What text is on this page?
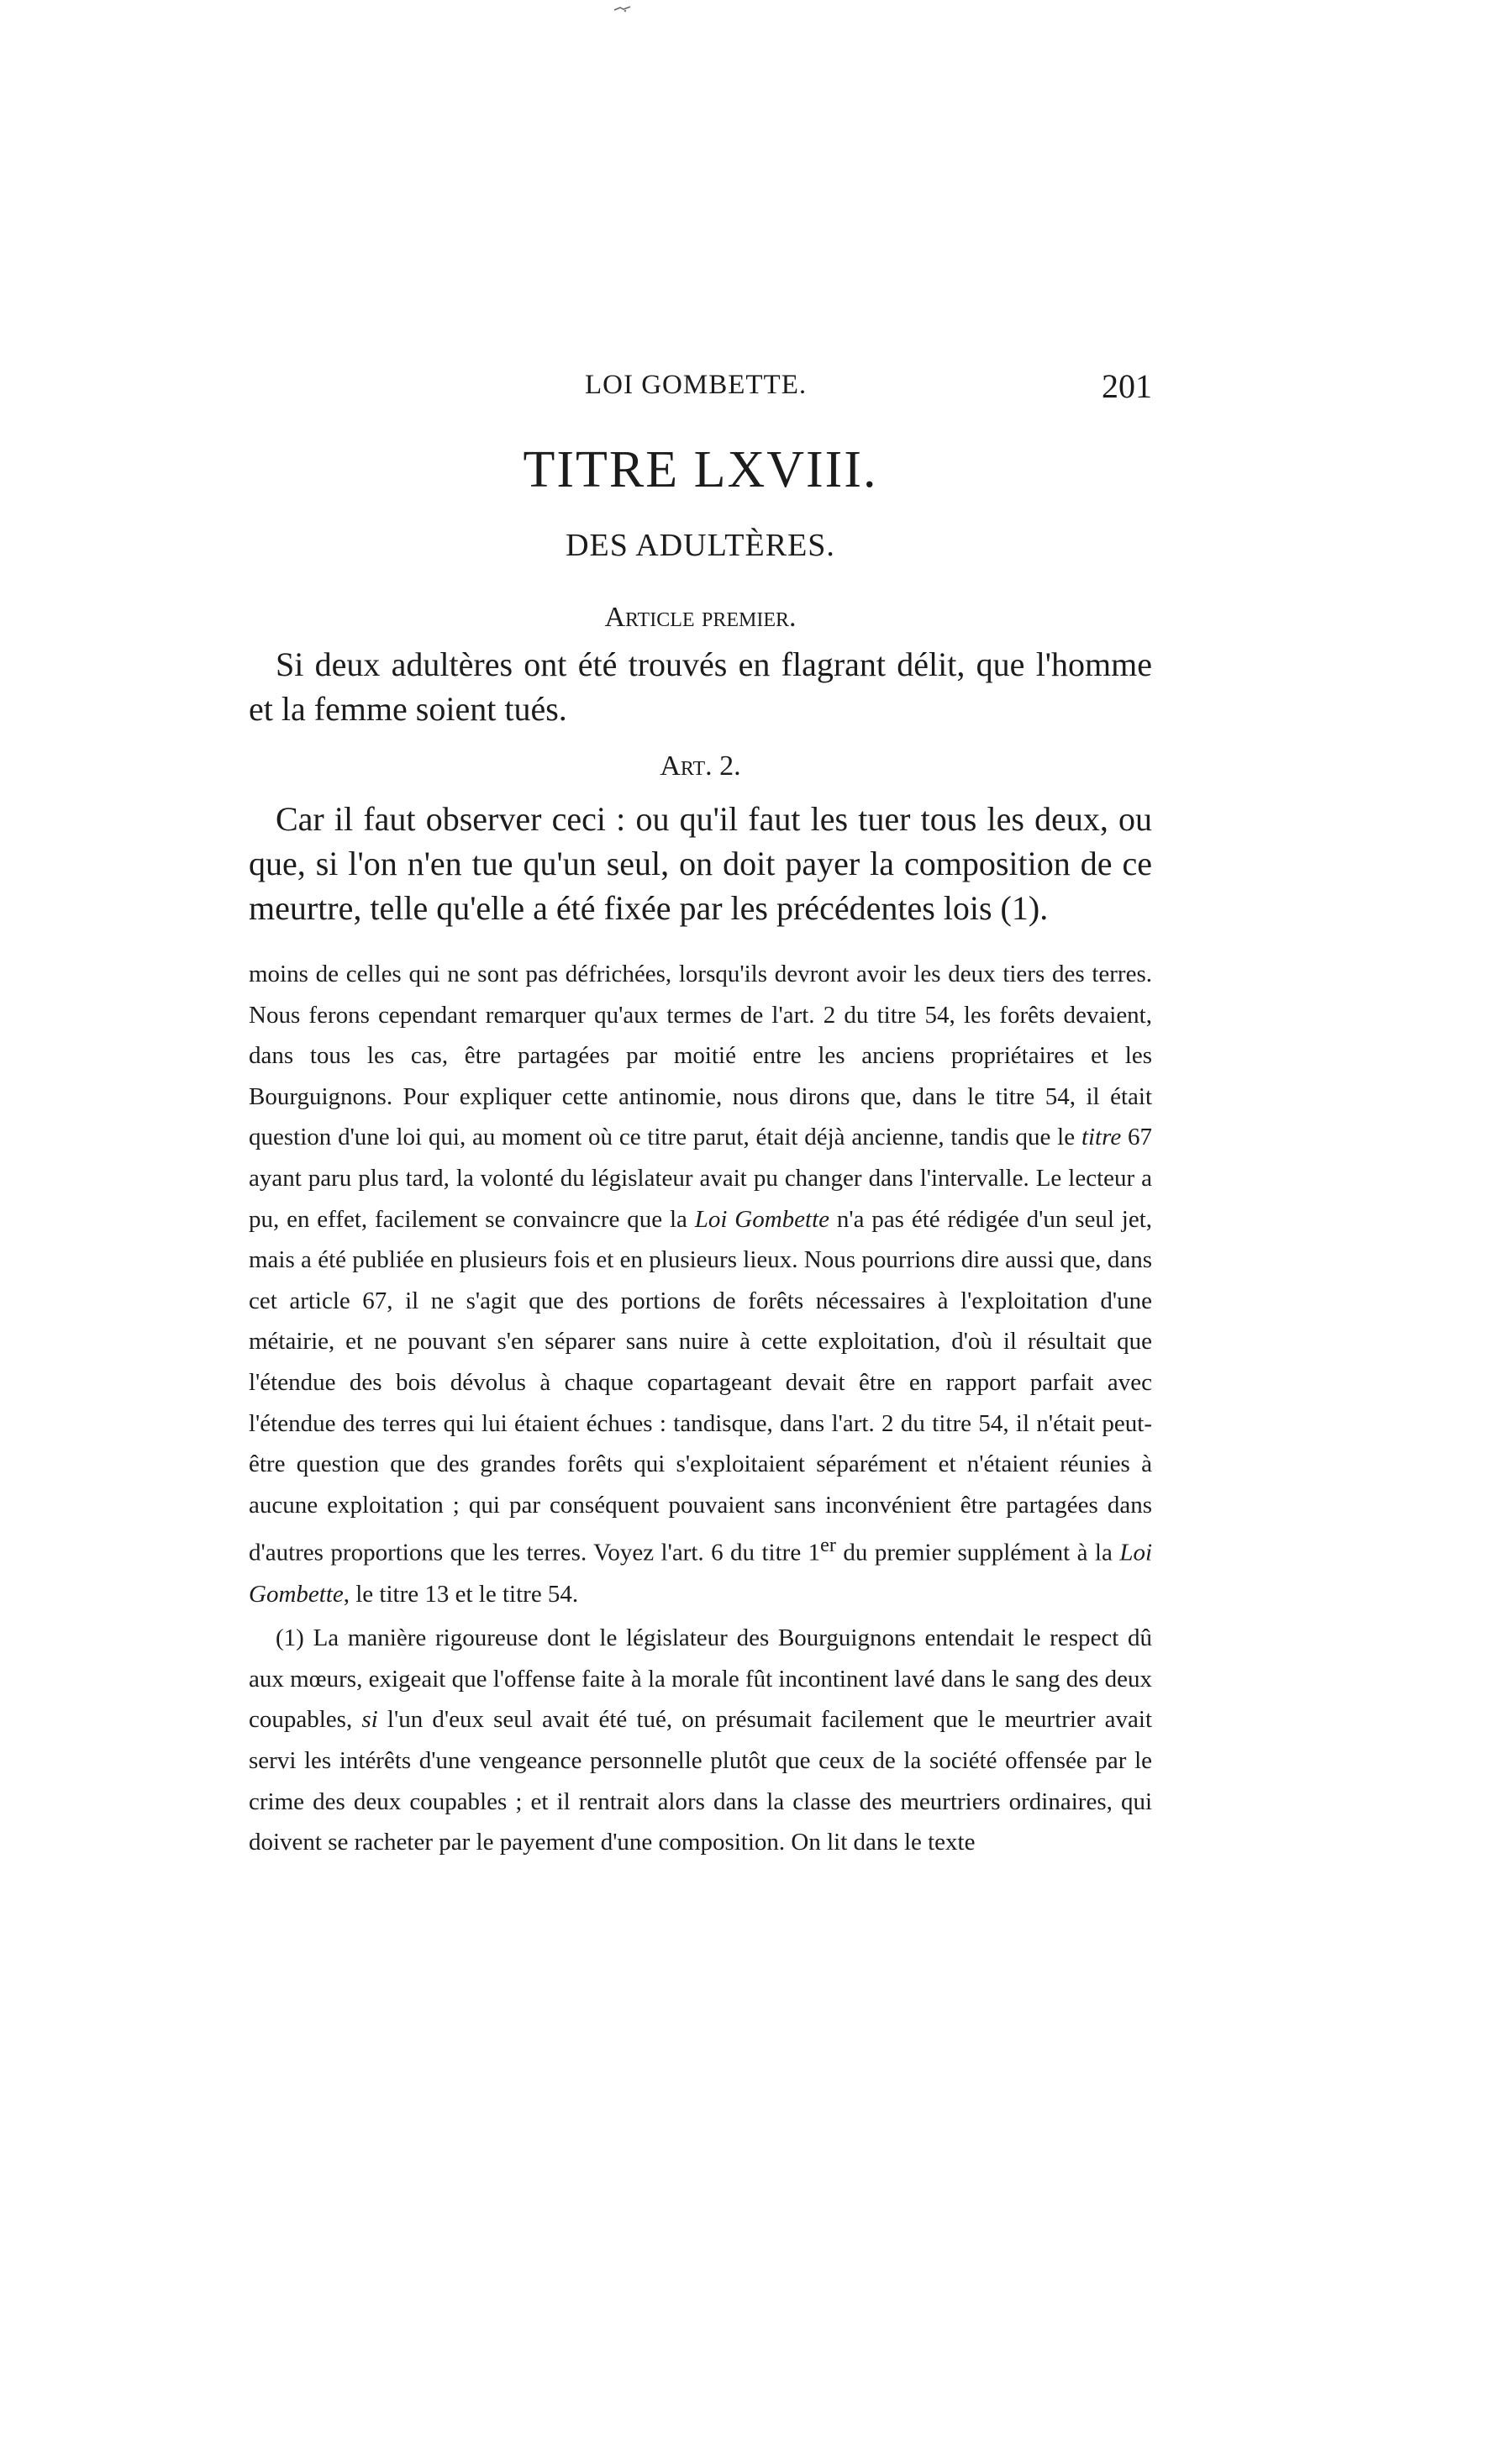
LOI GOMBETTE.	201
TITRE LXVIII.
DES ADULTÈRES.
Article premier.
Si deux adultères ont été trouvés en flagrant délit, que l'homme et la femme soient tués.
Art. 2.
Car il faut observer ceci : ou qu'il faut les tuer tous les deux, ou que, si l'on n'en tue qu'un seul, on doit payer la composition de ce meurtre, telle qu'elle a été fixée par les précédentes lois (1).

moins de celles qui ne sont pas défrichées, lorsqu'ils devront avoir les deux tiers des terres. Nous ferons cependant remarquer qu'aux termes de l'art. 2 du titre 54, les forêts devaient, dans tous les cas, être partagées par moitié entre les anciens propriétaires et les Bourguignons. Pour expliquer cette antinomie, nous dirons que, dans le titre 54, il était question d'une loi qui, au moment où ce titre parut, était déjà ancienne, tandis que le titre 67 ayant paru plus tard, la volonté du législateur avait pu changer dans l'intervalle. Le lecteur a pu, en effet, facilement se convaincre que la Loi Gombette n'a pas été rédigée d'un seul jet, mais a été publiée en plusieurs fois et en plusieurs lieux. Nous pourrions dire aussi que, dans cet article 67, il ne s'agit que des portions de forêts nécessaires à l'exploitation d'une métairie, et ne pouvant s'en séparer sans nuire à cette exploitation, d'où il résultait que l'étendue des bois dévolus à chaque copartageant devait être en rapport parfait avec l'étendue des terres qui lui étaient échues : tandisque, dans l'art. 2 du titre 54, il n'était peut-être question que des grandes forêts qui s'exploitaient séparément et n'étaient réunies à aucune exploitation ; qui par conséquent pouvaient sans inconvénient être partagées dans d'autres proportions que les terres. Voyez l'art. 6 du titre 1er du premier supplément à la Loi Gombette, le titre 13 et le titre 54.

(1) La manière rigoureuse dont le législateur des Bourguignons entendait le respect dû aux mœurs, exigeait que l'offense faite à la morale fût incontinent lavé dans le sang des deux coupables, si l'un d'eux seul avait été tué, on présumait facilement que le meurtrier avait servi les intérêts d'une vengeance personnelle plutôt que ceux de la société offensée par le crime des deux coupables ; et il rentrait alors dans la classe des meurtriers ordinaires, qui doivent se racheter par le payement d'une composition. On lit dans le texte
